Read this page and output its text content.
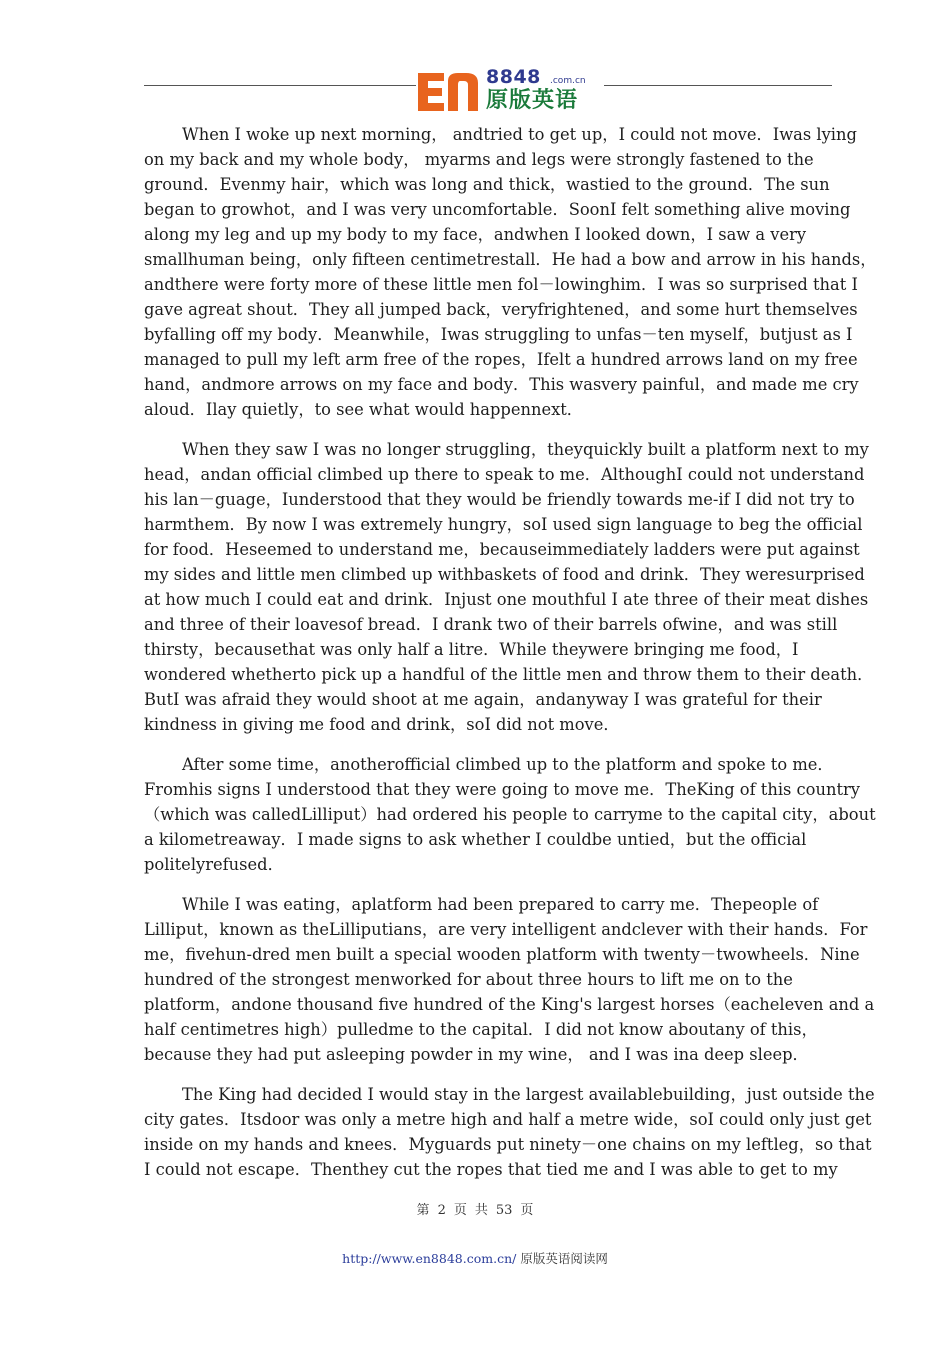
8848 .com.cn
原版英语

When I woke up next morning， andtried to get up，I could not move．Iwas lying on my back and my whole body， myarms and legs were strongly fastened to the ground．Evenmy hair，which was long and thick，wastied to the ground．The sun began to growhot，and I was very uncomfortable．SoonI felt something alive moving along my leg and up my body to my face，andwhen I looked down，I saw a very smallhuman being，only fifteen centimetrestall．He had a bow and arrow in his hands，andthere were forty more of these little men fol－lowinghim．I was so surprised that I gave agreat shout．They all jumped back，veryfrightened，and some hurt themselves byfalling off my body．Meanwhile，Iwas struggling to unfas－ten myself，butjust as I managed to pull my left arm free of the ropes，Ifelt a hundred arrows land on my free hand，andmore arrows on my face and body．This wasvery painful，and made me cry aloud．Ilay quietly，to see what would happennext．

When they saw I was no longer struggling，theyquickly built a platform next to my head，andan official climbed up there to speak to me．AlthoughI could not understand his lan－guage，Iunderstood that they would be friendly towards me-if I did not try to harmthem．By now I was extremely hungry，soI used sign language to beg the official for food．Heseemed to understand me，becauseimmediately ladders were put against my sides and little men climbed up withbaskets of food and drink．They weresurprised at how much I could eat and drink．Injust one mouthful I ate three of their meat dishes and three of their loavesof bread．I drank two of their barrels ofwine，and was still thirsty，becausethat was only half a litre．While theywere bringing me food，I wondered whetherto pick up a handful of the little men and throw them to their death．ButI was afraid they would shoot at me again，andanyway I was grateful for their kindness in giving me food and drink，soI did not move．

After some time，anotherofficial climbed up to the platform and spoke to me．Fromhis signs I understood that they were going to move me．TheKing of this country（which was calledLilliput）had ordered his people to carryme to the capital city，about a kilometreaway．I made signs to ask whether I couldbe untied，but the official politelyrefused．

While I was eating，aplatform had been prepared to carry me．Thepeople of Lilliput，known as theLilliputians，are very intelligent andclever with their hands．For me，fivehun-dred men built a special wooden platform with twenty－twowheels．Nine hundred of the strongest menworked for about three hours to lift me on to the platform，andone thousand five hundred of the King's largest horses（eacheleven and a half centimetres high）pulledme to the capital．I did not know aboutany of this，because they had put asleeping powder in my wine， and I was ina deep sleep．

The King had decided I would stay in the largest availablebuilding，just outside the city gates．Itsdoor was only a metre high and half a metre wide，soI could only just get inside on my hands and knees．Myguards put ninety－one chains on my leftleg，so that I could not escape．Thenthey cut the ropes that tied me and I was able to get to my

第 2 页 共 53 页
http://www.en8848.com.cn/ 原版英语阅读网
